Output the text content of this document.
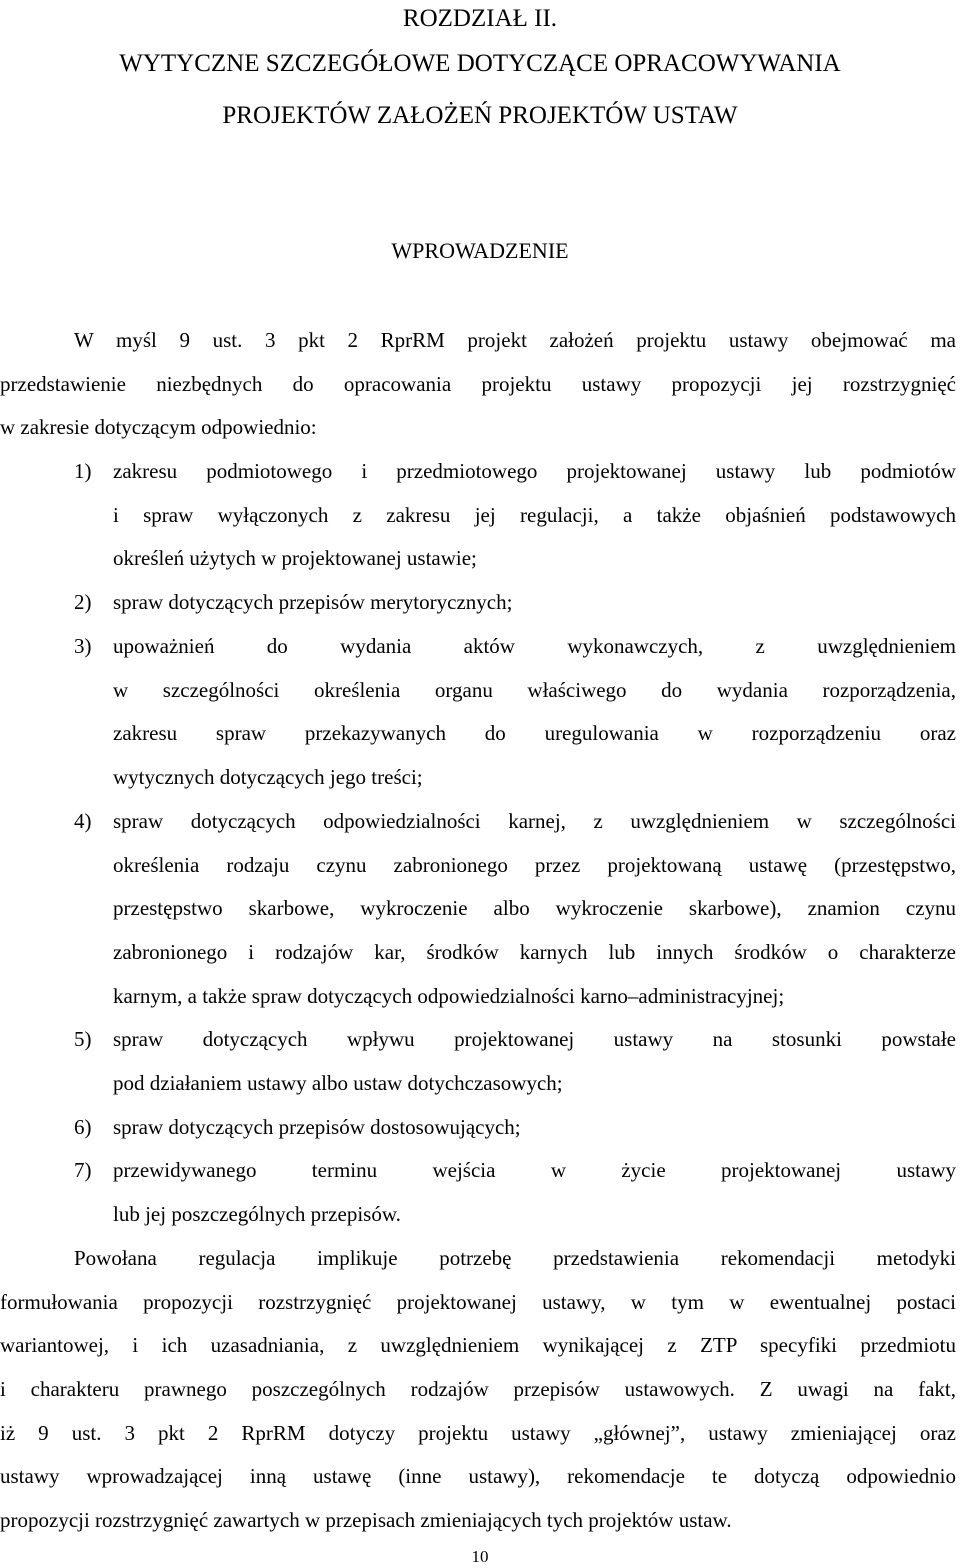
ROZDZIAŁ II.
WYTYCZNE SZCZEGÓŁOWE DOTYCZĄCE OPRACOWYWANIA
PROJEKTÓW ZAŁOŻEŃ PROJEKTÓW USTAW
WPROWADZENIE
W myśl 9 ust. 3 pkt 2 RprRM projekt założeń projektu ustawy obejmować ma
przedstawienie niezbędnych do opracowania projektu ustawy propozycji jej rozstrzygnięć
w zakresie dotyczącym odpowiednio:
1) zakresu podmiotowego i przedmiotowego projektowanej ustawy lub podmiotów
i spraw wyłączonych z zakresu jej regulacji, a także objaśnień podstawowych
określeń użytych w projektowanej ustawie;
2) spraw dotyczących przepisów merytorycznych;
3) upoważnień do wydania aktów wykonawczych, z uwzględnieniem
w szczególności określenia organu właściwego do wydania rozporządzenia,
zakresu spraw przekazywanych do uregulowania w rozporządzeniu oraz
wytycznych dotyczących jego treści;
4) spraw dotyczących odpowiedzialności karnej, z uwzględnieniem w szczególności
określenia rodzaju czynu zabronionego przez projektowaną ustawę (przestępstwo,
przestępstwo skarbowe, wykroczenie albo wykroczenie skarbowe), znamion czynu
zabronionego i rodzajów kar, środków karnych lub innych środków o charakterze
karnym, a także spraw dotyczących odpowiedzialności karno–administracyjnej;
5) spraw dotyczących wpływu projektowanej ustawy na stosunki powstałe
pod działaniem ustawy albo ustaw dotychczasowych;
6) spraw dotyczących przepisów dostosowujących;
7) przewidywanego terminu wejścia w życie projektowanej ustawy
lub jej poszczególnych przepisów.
Powołana regulacja implikuje potrzebę przedstawienia rekomendacji metodyki
formułowania propozycji rozstrzygnięć projektowanej ustawy, w tym w ewentualnej postaci
wariantowej, i ich uzasadniania, z uwzględnieniem wynikającej z ZTP specyfiki przedmiotu
i charakteru prawnego poszczególnych rodzajów przepisów ustawowych. Z uwagi na fakt,
iż 9 ust. 3 pkt 2 RprRM dotyczy projektu ustawy „głównej”, ustawy zmieniającej oraz
ustawy wprowadzającej inną ustawę (inne ustawy), rekomendacje te dotyczą odpowiednio
propozycji rozstrzygnięć zawartych w przepisach zmieniających tych projektów ustaw.
10
